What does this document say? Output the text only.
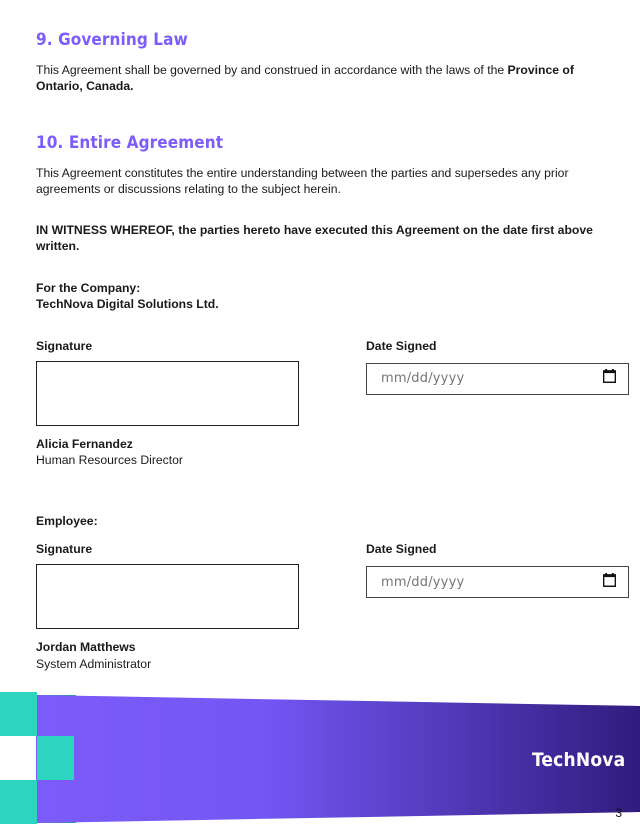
9. Governing Law

This Agreement shall be governed by and construed in accordance with the laws of the Province of Ontario, Canada.

10. Entire Agreement

This Agreement constitutes the entire understanding between the parties and supersedes any prior agreements or discussions relating to the subject herein.

IN WITNESS WHEREOF, the parties hereto have executed this Agreement on the date first above written.

For the Company:
TechNova Digital Solutions Ltd.
Signature
Alicia Fernandez
Human Resources Director
Date Signed
mm/dd/yyyy
Employee:
Signature
Jordan Matthews
System Administrator
Date Signed
mm/dd/yyyy
TechNova
3
